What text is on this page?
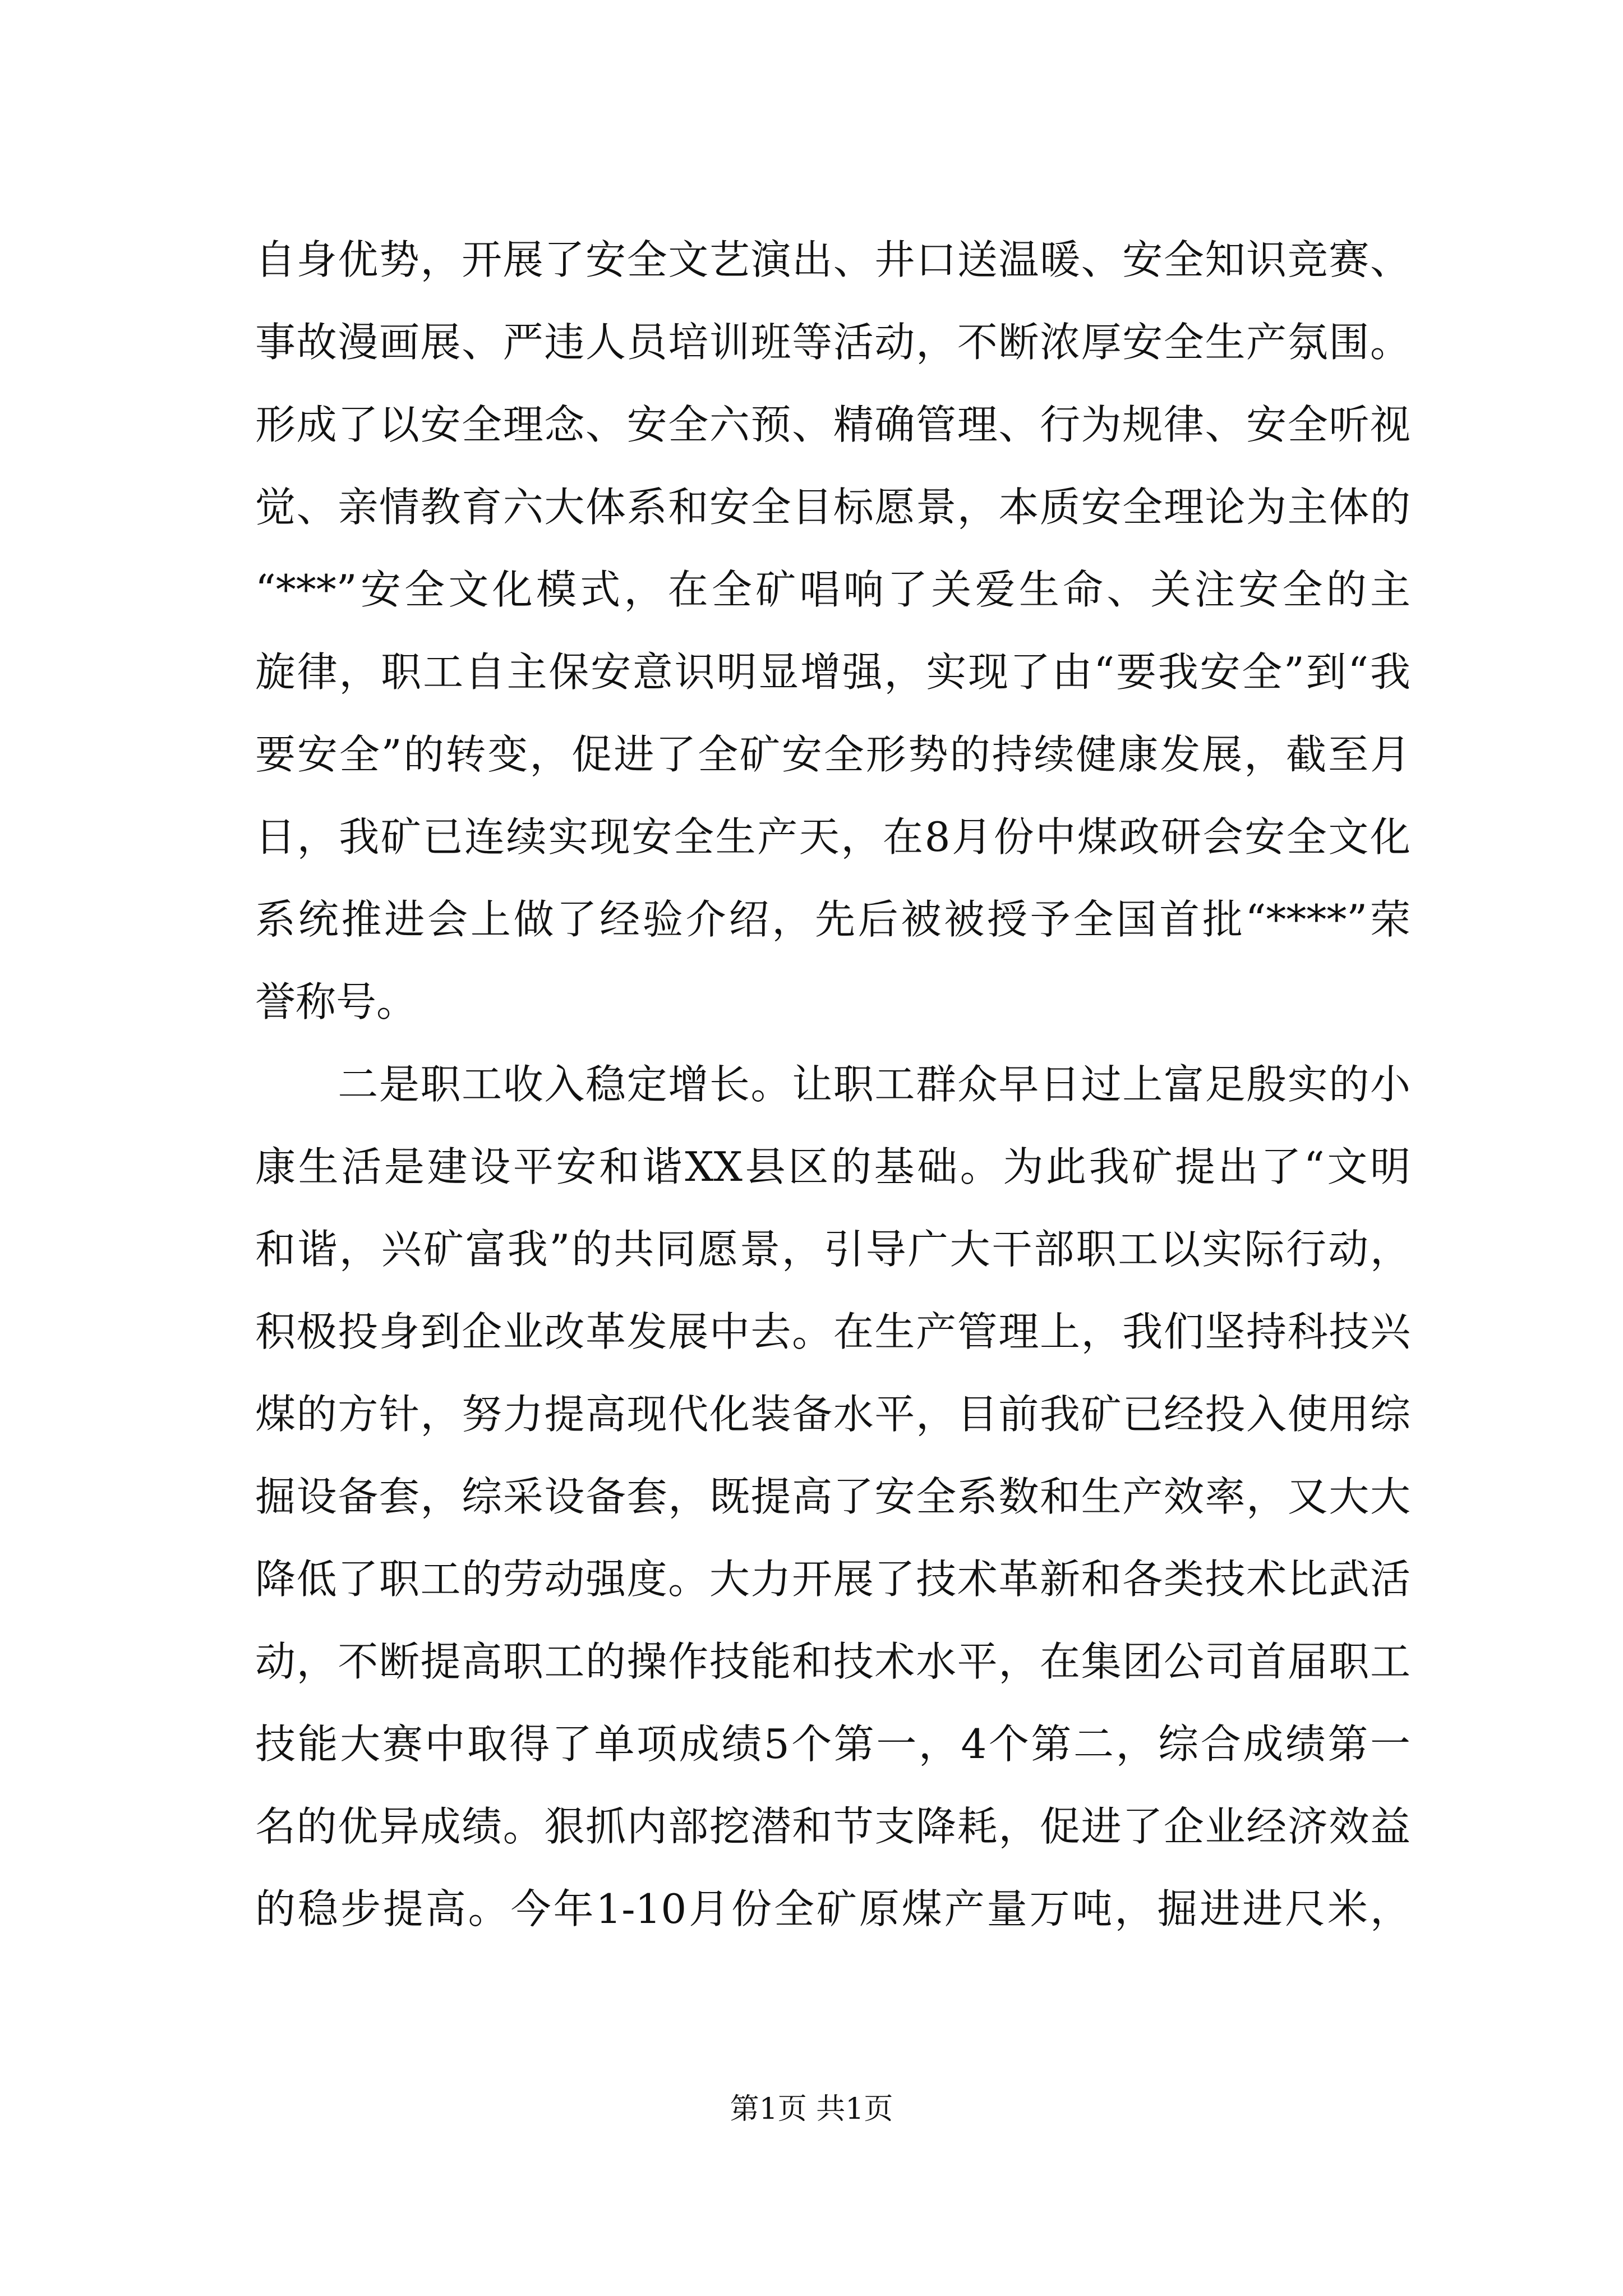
自身优势，开展了安全文艺演出、井口送温暖、安全知识竞赛、
事故漫画展、严违人员培训班等活动，不断浓厚安全生产氛围。
形成了以安全理念、安全六预、精确管理、行为规律、安全听视
觉、亲情教育六大体系和安全目标愿景，本质安全理论为主体的
“***”安全文化模式，在全矿唱响了关爱生命、关注安全的主
旋律，职工自主保安意识明显增强，实现了由“要我安全”到“我
要安全”的转变，促进了全矿安全形势的持续健康发展，截至月
日，我矿已连续实现安全生产天，在8月份中煤政研会安全文化
系统推进会上做了经验介绍，先后被被授予全国首批“****”荣
誉称号。
　　二是职工收入稳定增长。让职工群众早日过上富足殷实的小
康生活是建设平安和谐XX县区的基础。为此我矿提出了“文明
和谐，兴矿富我”的共同愿景，引导广大干部职工以实际行动，
积极投身到企业改革发展中去。在生产管理上，我们坚持科技兴
煤的方针，努力提高现代化装备水平，目前我矿已经投入使用综
掘设备套，综采设备套，既提高了安全系数和生产效率，又大大
降低了职工的劳动强度。大力开展了技术革新和各类技术比武活
动，不断提高职工的操作技能和技术水平，在集团公司首届职工
技能大赛中取得了单项成绩5个第一，4个第二，综合成绩第一
名的优异成绩。狠抓内部挖潜和节支降耗，促进了企业经济效益
的稳步提高。今年1-10月份全矿原煤产量万吨，掘进进尺米，
第1页 共1页
